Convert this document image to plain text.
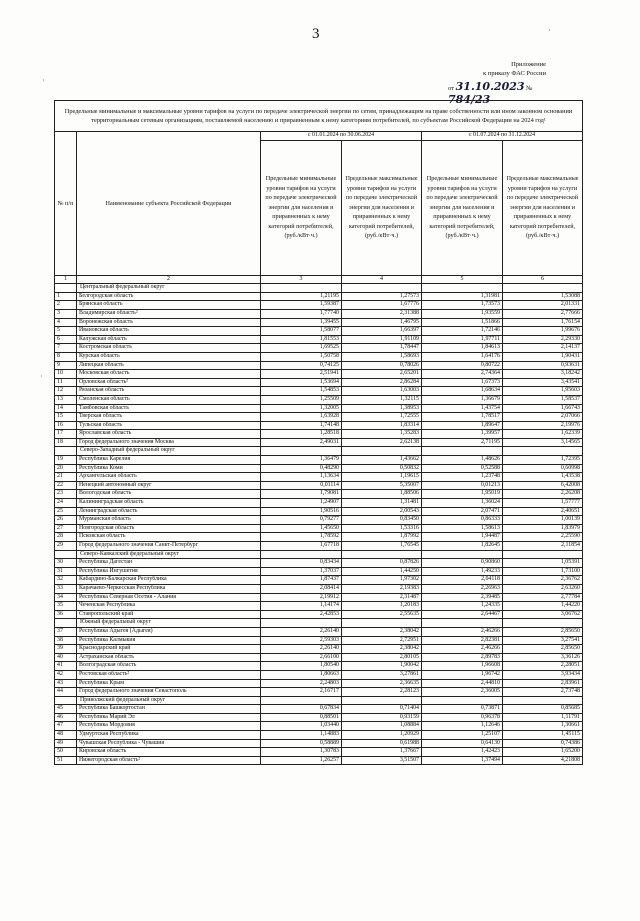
3	·
·
·
Приложение
к приказу ФАС России
от 31.10.2023 № 784/23
Предельные минимальные и максимальные уровни тарифов на услуги по передаче электрической энергии по сетям, принадлежащим на праве собственности или ином законном основании территориальным сетевым организациям, поставляемой населению и приравненным к нему категориям потребителей, по субъектам Российской Федерации на 2024 год¹					
№ п/п	Наименование субъекта Российской Федерации	с 01.01.2024 по 30.06.2024		с 01.07.2024 по 31.12.2024	
		Предельные минимальные уровни тарифов на услуги по передаче электрической энергии для населения и приравненных к нему категорий потребителей, (руб./кВт·ч.)	Предельные максимальные уровни тарифов на услуги по передаче электрической энергии для населения и приравненных к нему категорий потребителей, (руб./кВт·ч.)	Предельные минимальные уровни тарифов на услуги по передаче электрической энергии для населения и приравненных к нему категорий потребителей, (руб./кВт·ч.)	Предельные максимальные уровни тарифов на услуги по передаче электрической энергии для населения и приравненных к нему категорий потребителей, (руб./кВт·ч.)
1	2	3	4	5	6
	Центральный федеральный округ				
1	Белгородская область	1,21195	1,27573	1,31981	1,53088
2	Брянская область	1,59387	1,67776	1,73573	2,01331
3	Владимирская область²	1,77740	2,31388	1,93559	2,77666
4	Воронежская область	1,39455	1,46795	1,51866	1,76154
5	Ивановская область	1,58077	1,66397	1,72146	1,99676
6	Калужская область	1,81553	1,91109	1,97711	2,29330
7	Костромская область	1,69525	1,78447	1,84613	2,14137
8	Курская область	1,50758	1,58693	1,64176	1,90431
9	Липецкая область	0,74125	0,78026	0,80722	0,93631
10	Московская область	2,51941	2,65201	2,74364	3,18242
11	Орловская область²	1,53694	2,86284	1,67373	3,43541
12	Рязанская область	1,54853	1,63003	1,68634	1,95603
13	Смоленская область	1,25509	1,32115	1,36679	1,58537
14	Тамбовская область	1,32005	1,38953	1,43754	1,66743
15	Тверская область	1,63928	1,72555	1,78517	2,07066
16	Тульская область	1,74148	1,83314	1,89647	2,19976
17	Ярославская область	1,28518	1,35283	1,39957	1,62339
18	Город федерального значения Москва	2,49031	2,62138	2,71195	3,14565
	Северо-Западный федеральный округ				
19	Республика Карелия	1,36479	1,43662	1,48626	1,72395
20	Республика Коми	0,48290	0,50832	0,52588	0,60998
21	Архангельская область	1,13634	1,19615	1,23748	1,43538
22	Ненецкий автономный округ	0,01114	5,35007	0,01213	6,42008
23	Вологодская область	1,79081	1,88506	1,95019	2,26208
24	Калининградская область	1,24907	1,31481	1,36024	1,57777
25	Ленинградская область	1,90516	2,00543	2,07471	2,40651
26	Мурманская область	0,79277	0,83450	0,86333	1,00139
27	Новгородская область	1,45650	1,53316	1,58613	1,83979
28	Псковская область	1,78592	1,87992	1,94487	2,25590
29	Город федерального значения Санкт-Петербург	1,67718	1,76545	1,82645	2,11854
	Северо-Кавказский федеральный округ				
30	Республика Дагестан	0,83434	0,87826	0,90860	1,05391
31	Республика Ингушетия	1,37037	1,44250	1,49233	1,73100
32	Кабардино-Балкарская Республика	1,87437	1,97302	2,04118	2,36762
33	Карачаево-Черкесская Республика	2,08414	2,19383	2,26963	2,63260
34	Республика Северная Осетия - Алания	2,19912	2,31487	2,39485	2,77784
35	Чеченская Республика	1,14174	1,20183	1,24335	1,44220
36	Ставропольский край	2,42853	2,55635	2,64467	3,06762
	Южный федеральный округ				
37	Республика Адыгея (Адыгея)	2,26140	2,38042	2,46266	2,85650
38	Республика Калмыкия	2,59303	2,72951	2,82381	3,27541
39	Краснодарский край	2,26140	2,38042	2,46266	2,85650
40	Астраханская область	2,66100	2,80105	2,89783	3,36126
41	Волгоградская область	1,80540	1,90042	1,96608	2,28051
42	Ростовская область²	1,80663	3,27861	1,96742	3,93434
43	Республика Крым	2,24803	2,36635	2,44810	2,83961
44	Город федерального значения Севастополь	2,16717	2,28123	2,36005	2,73748
	Приволжский федеральный округ				
45	Республика Башкортостан	0,67834	0,71404	0,73871	0,85685
46	Республика Марий Эл	0,88501	0,93159	0,96378	1,11791
47	Республика Мордовия	1,03440	1,08884	1,12646	1,30661
48	Удмуртская Республика	1,14883	1,20929	1,25107	1,45115
49	Чувашская Республика - Чувашия	0,58889	0,61988	0,64130	0,74386
50	Кировская область	1,30783	1,37667	1,42423	1,65200
51	Нижегородская область²	1,26257	3,51507	1,37494	4,21808
